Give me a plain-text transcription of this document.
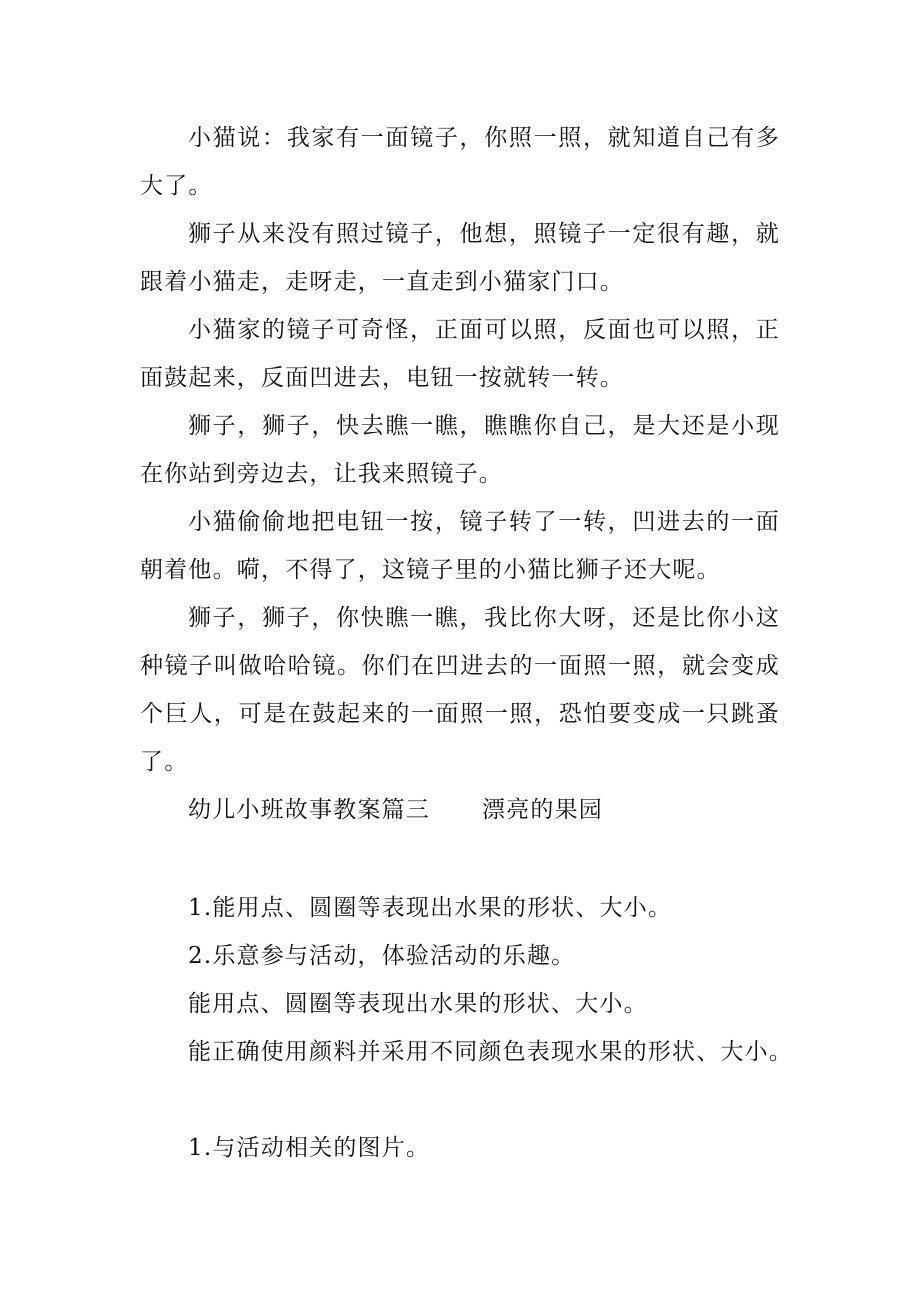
小猫说：我家有一面镜子，你照一照，就知道自己有多大了。

狮子从来没有照过镜子，他想，照镜子一定很有趣，就跟着小猫走，走呀走，一直走到小猫家门口。

小猫家的镜子可奇怪，正面可以照，反面也可以照，正面鼓起来，反面凹进去，电钮一按就转一转。

狮子，狮子，快去瞧一瞧，瞧瞧你自己，是大还是小现在你站到旁边去，让我来照镜子。

小猫偷偷地把电钮一按，镜子转了一转，凹进去的一面朝着他。嗬，不得了，这镜子里的小猫比狮子还大呢。

狮子，狮子，你快瞧一瞧，我比你大呀，还是比你小这种镜子叫做哈哈镜。你们在凹进去的一面照一照，就会变成个巨人，可是在鼓起来的一面照一照，恐怕要变成一只跳蚤了。

幼儿小班故事教案篇三 漂亮的果园

1.能用点、圆圈等表现出水果的形状、大小。

2.乐意参与活动，体验活动的乐趣。

能用点、圆圈等表现出水果的形状、大小。

能正确使用颜料并采用不同颜色表现水果的形状、大小。

1.与活动相关的图片。
